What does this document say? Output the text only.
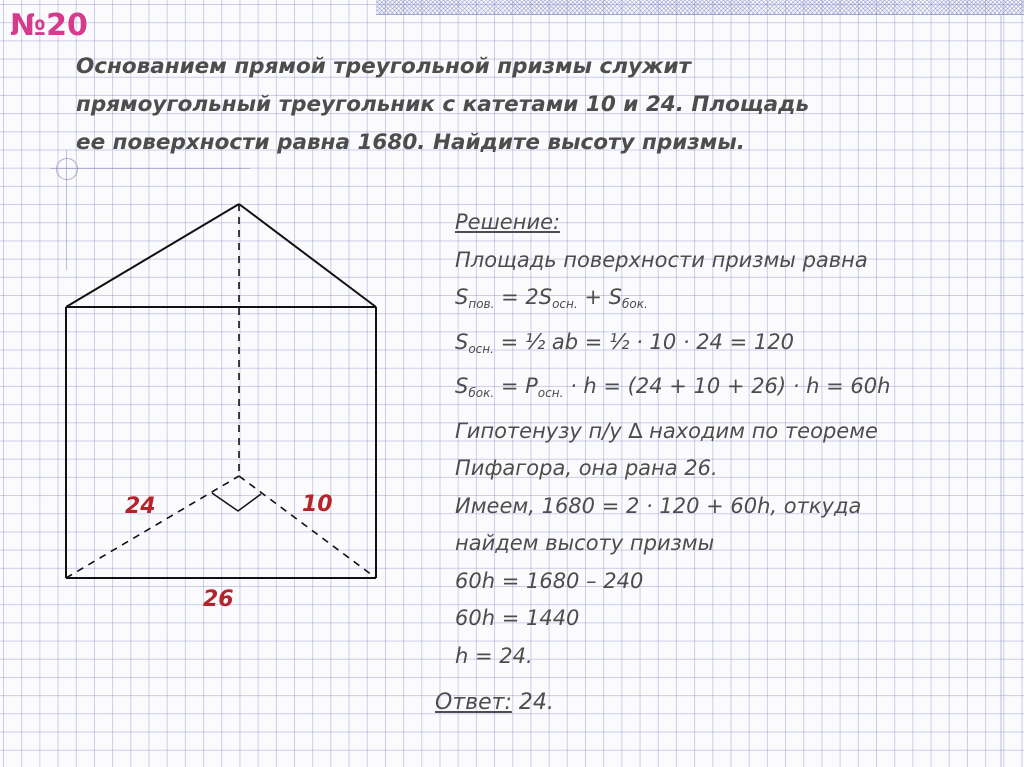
№20
Основанием прямой треугольной призмы служит
прямоугольный треугольник с катетами 10 и 24. Площадь
ее поверхности равна 1680. Найдите высоту призмы.
24	10
26
Решение:
Площадь поверхности призмы равна
$S_{пов.} = 2S_{осн.} + S_{бок.}$
$S_{осн.}$ = ½ ab = ½ · 10 · 24 = 120
$S_{бок.} = P_{осн.} \cdot h = (24 + 10 + 26) \cdot h = 60h$
Гипотенузу п/у ∆ находим по теореме
Пифагора, она рана 26.
Имеем, 1680 = 2 · 120 + 60h, откуда
найдем высоту призмы
60h = 1680 – 240
60h = 1440
h = 24.
Ответ: 24.
